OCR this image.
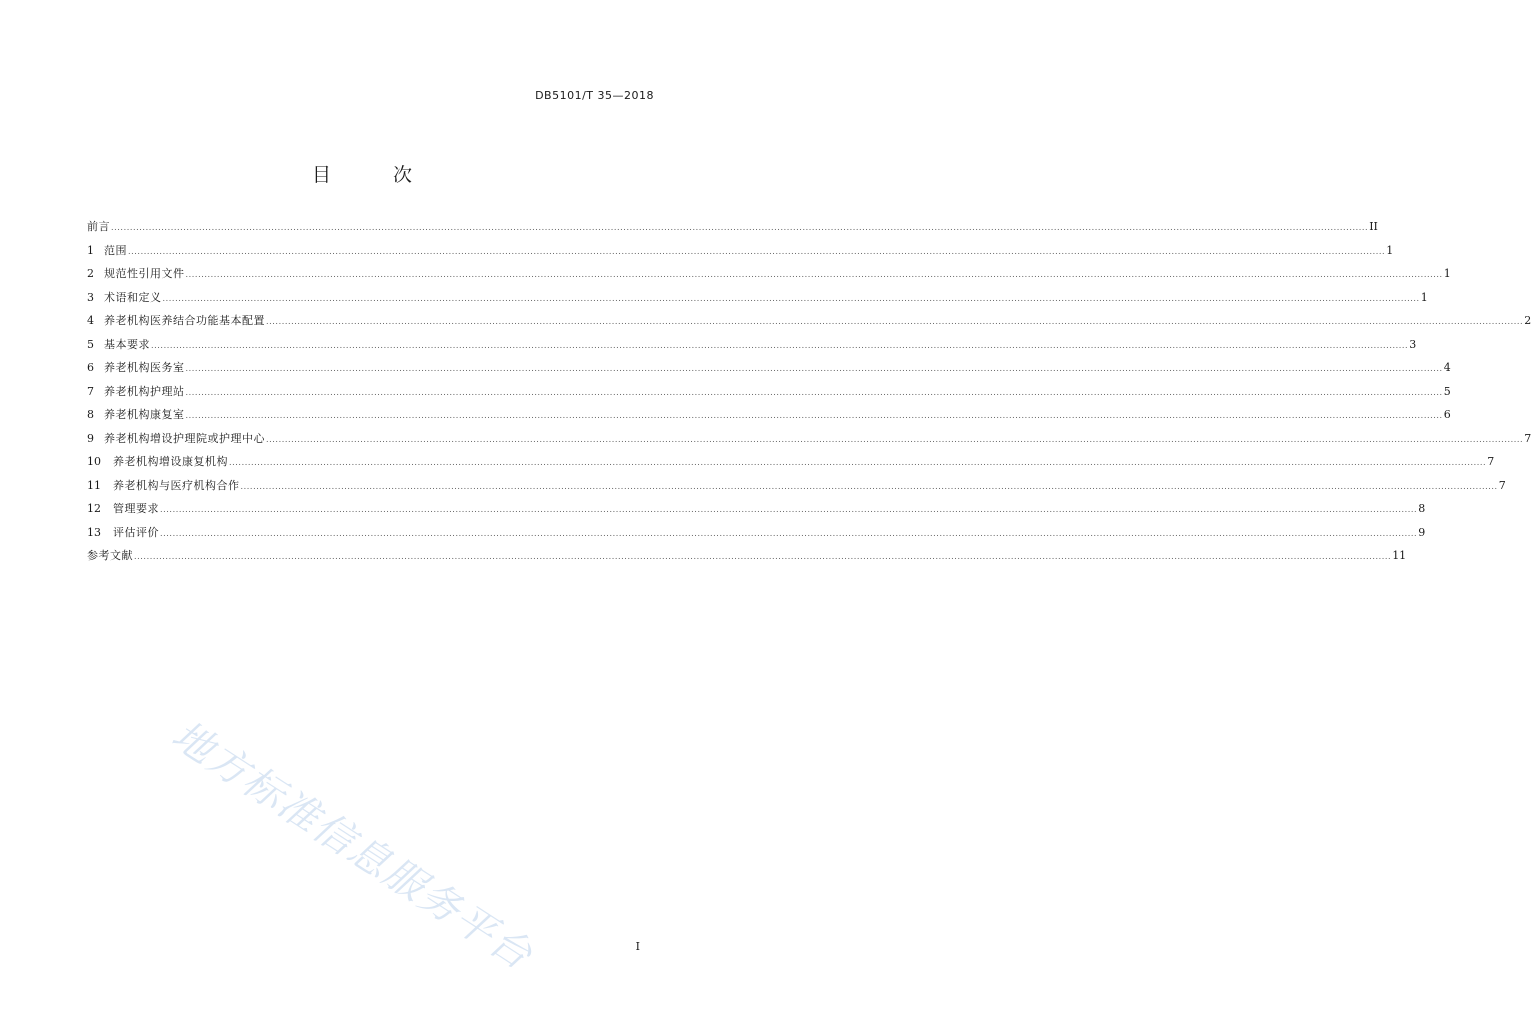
DB5101/T 35—2018
目 次
前言 ................................................................................................................................................................................................................................................................................................................................................................................................................ II
1 范围 ................................................................................................................................................................................................................................................................................................................................................................................................................ 1
2 规范性引用文件 ................................................................................................................................................................................................................................................................................................................................................................................................................ 1
3 术语和定义 ................................................................................................................................................................................................................................................................................................................................................................................................................ 1
4 养老机构医养结合功能基本配置 ................................................................................................................................................................................................................................................................................................................................................................................................................ 2
5 基本要求 ................................................................................................................................................................................................................................................................................................................................................................................................................ 3
6 养老机构医务室 ................................................................................................................................................................................................................................................................................................................................................................................................................ 4
7 养老机构护理站 ................................................................................................................................................................................................................................................................................................................................................................................................................ 5
8 养老机构康复室 ................................................................................................................................................................................................................................................................................................................................................................................................................ 6
9 养老机构增设护理院或护理中心 ................................................................................................................................................................................................................................................................................................................................................................................................................ 7
10	养老机构增设康复机构 ................................................................................................................................................................................................................................................................................................................................................................................................................ 7
11	养老机构与医疗机构合作 ................................................................................................................................................................................................................................................................................................................................................................................................................ 7
12	管理要求 ................................................................................................................................................................................................................................................................................................................................................................................................................ 8
13	评估评价 ................................................................................................................................................................................................................................................................................................................................................................................................................ 9
参考文献 ................................................................................................................................................................................................................................................................................................................................................................................................................ 11
地方标准信息服务平台	I
